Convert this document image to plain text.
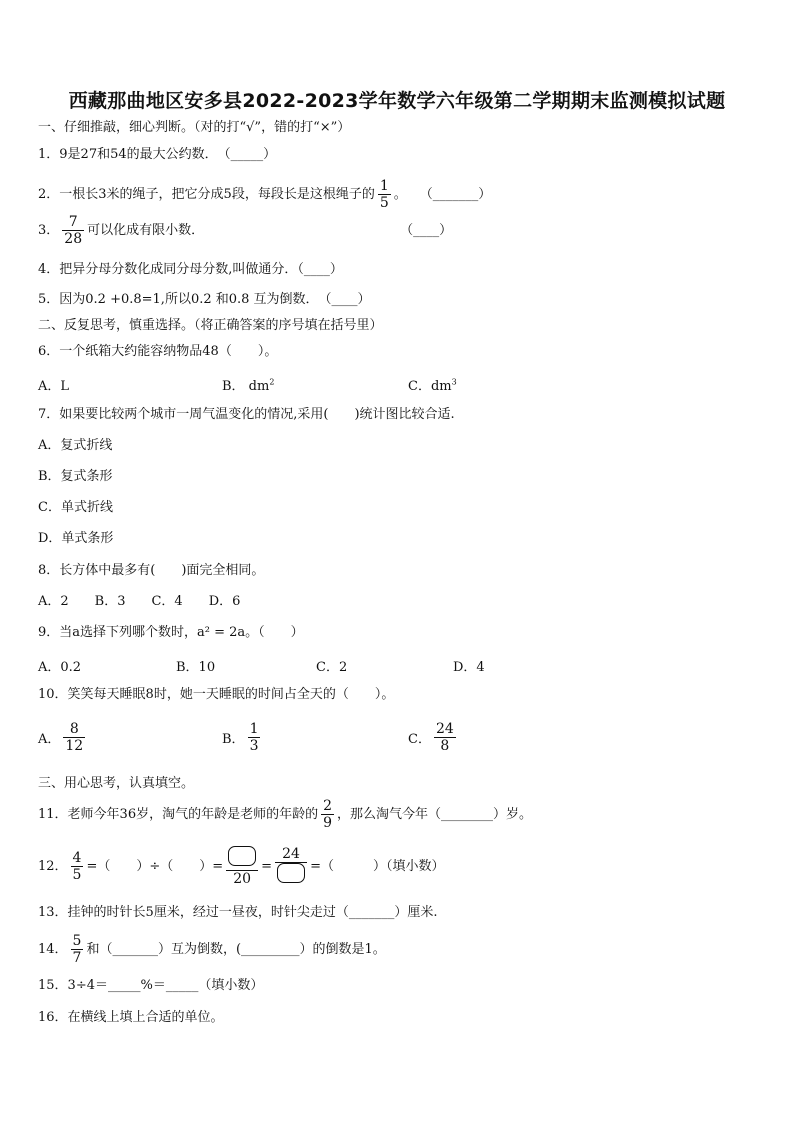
西藏那曲地区安多县2022-2023学年数学六年级第二学期期末监测模拟试题
一、仔细推敲，细心判断。（对的打“√”，错的打“×”）
1．9是27和54的最大公约数．　（_____）
2．一根长3米的绳子，把它分成5段，每段长是这根绳子的 $\frac{1}{5}$ 。　　（_______）
3． $\frac{7}{28}$ 可以化成有限小数．	（____）
4．把异分母分数化成同分母分数,叫做通分．（____）
5．因为0.2 +0.8=1,所以0.2 和0.8 互为倒数．　（____）
二、反复思考，慎重选择。（将正确答案的序号填在括号里）
6．一个纸箱大约能容纳物品48（　　）。
A．L	B． $dm^2$	C．$dm^3$
7．如果要比较两个城市一周气温变化的情况,采用(　　)统计图比较合适.
A．复式折线
B．复式条形
C．单式折线
D．单式条形
8．长方体中最多有(　　)面完全相同。
A．2　　B．3　　C．4　　D．6
9．当a选择下列哪个数时，a² = 2a。（　　）
A．0.2	B．10	C．2	D．4
10．笑笑每天睡眠8时，她一天睡眠的时间占全天的（　　）。
A． $\frac{8}{12}$	B． $\frac{1}{3}$	C． $\frac{24}{8}$
三、用心思考，认真填空。
11．老师今年36岁，淘气的年龄是老师的年龄的 $\frac{2}{9}$ ，那么淘气今年（________）岁。
12． $\frac{4}{5}$ =（　　）÷（　　）=
20
=
24
=（　　　）（填小数）
13．挂钟的时针长5厘米，经过一昼夜，时针尖走过（_______）厘米.
14． $\frac{5}{7}$ 和（_______）互为倒数，(_________）的倒数是1。
15．3÷4＝_____%＝_____（填小数）
16．在横线上填上合适的单位。
